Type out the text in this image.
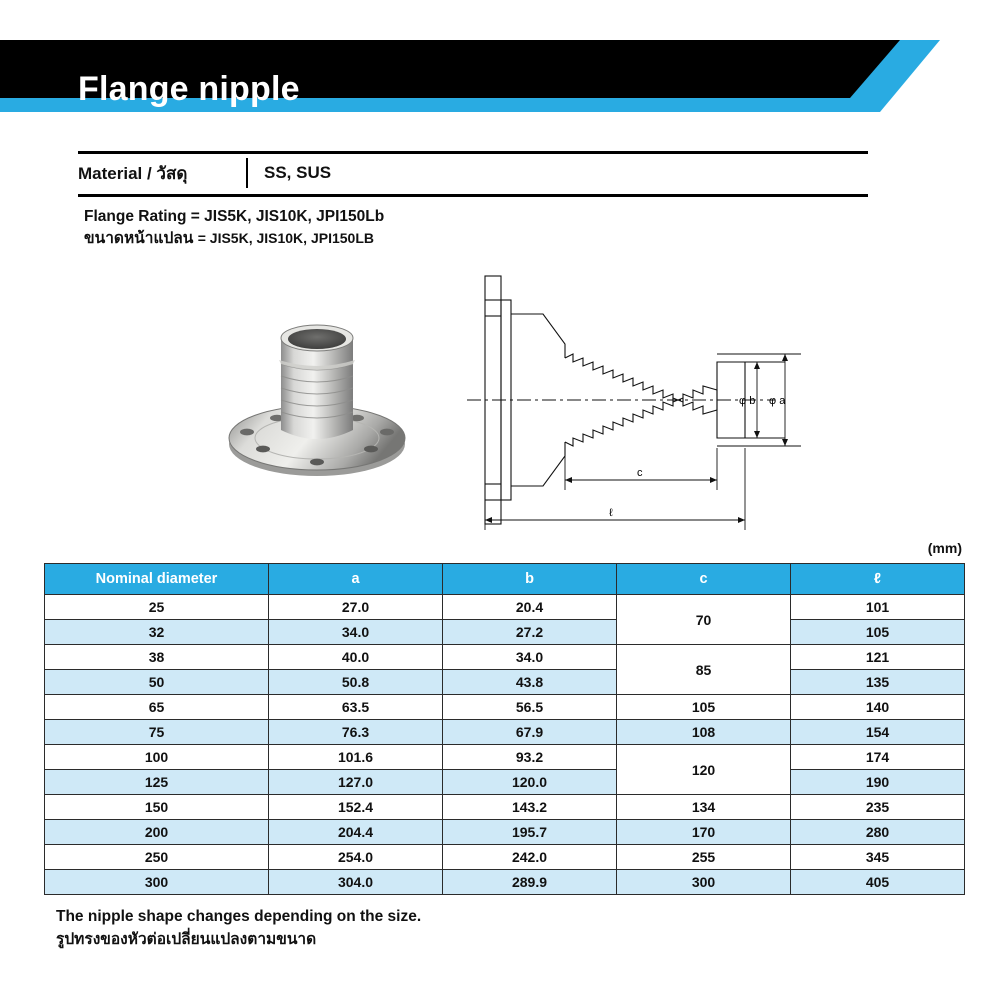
Flange nipple
Material / วัสดุ	SS, SUS
Flange Rating = JIS5K, JIS10K, JPI150Lb
ขนาดหน้าแปลน = JIS5K, JIS10K, JPI150LB
φ b φ a
c
ℓ
(mm)
Nominal diameter	a	b	c	ℓ
25	27.0	20.4	70	101
32	34.0	27.2		105
38	40.0	34.0	85	121
50	50.8	43.8		135
65	63.5	56.5	105	140
75	76.3	67.9	108	154
100	101.6	93.2	120	174
125	127.0	120.0		190
150	152.4	143.2	134	235
200	204.4	195.7	170	280
250	254.0	242.0	255	345
300	304.0	289.9	300	405
The nipple shape changes depending on the size.
รูปทรงของหัวต่อเปลี่ยนแปลงตามขนาด
